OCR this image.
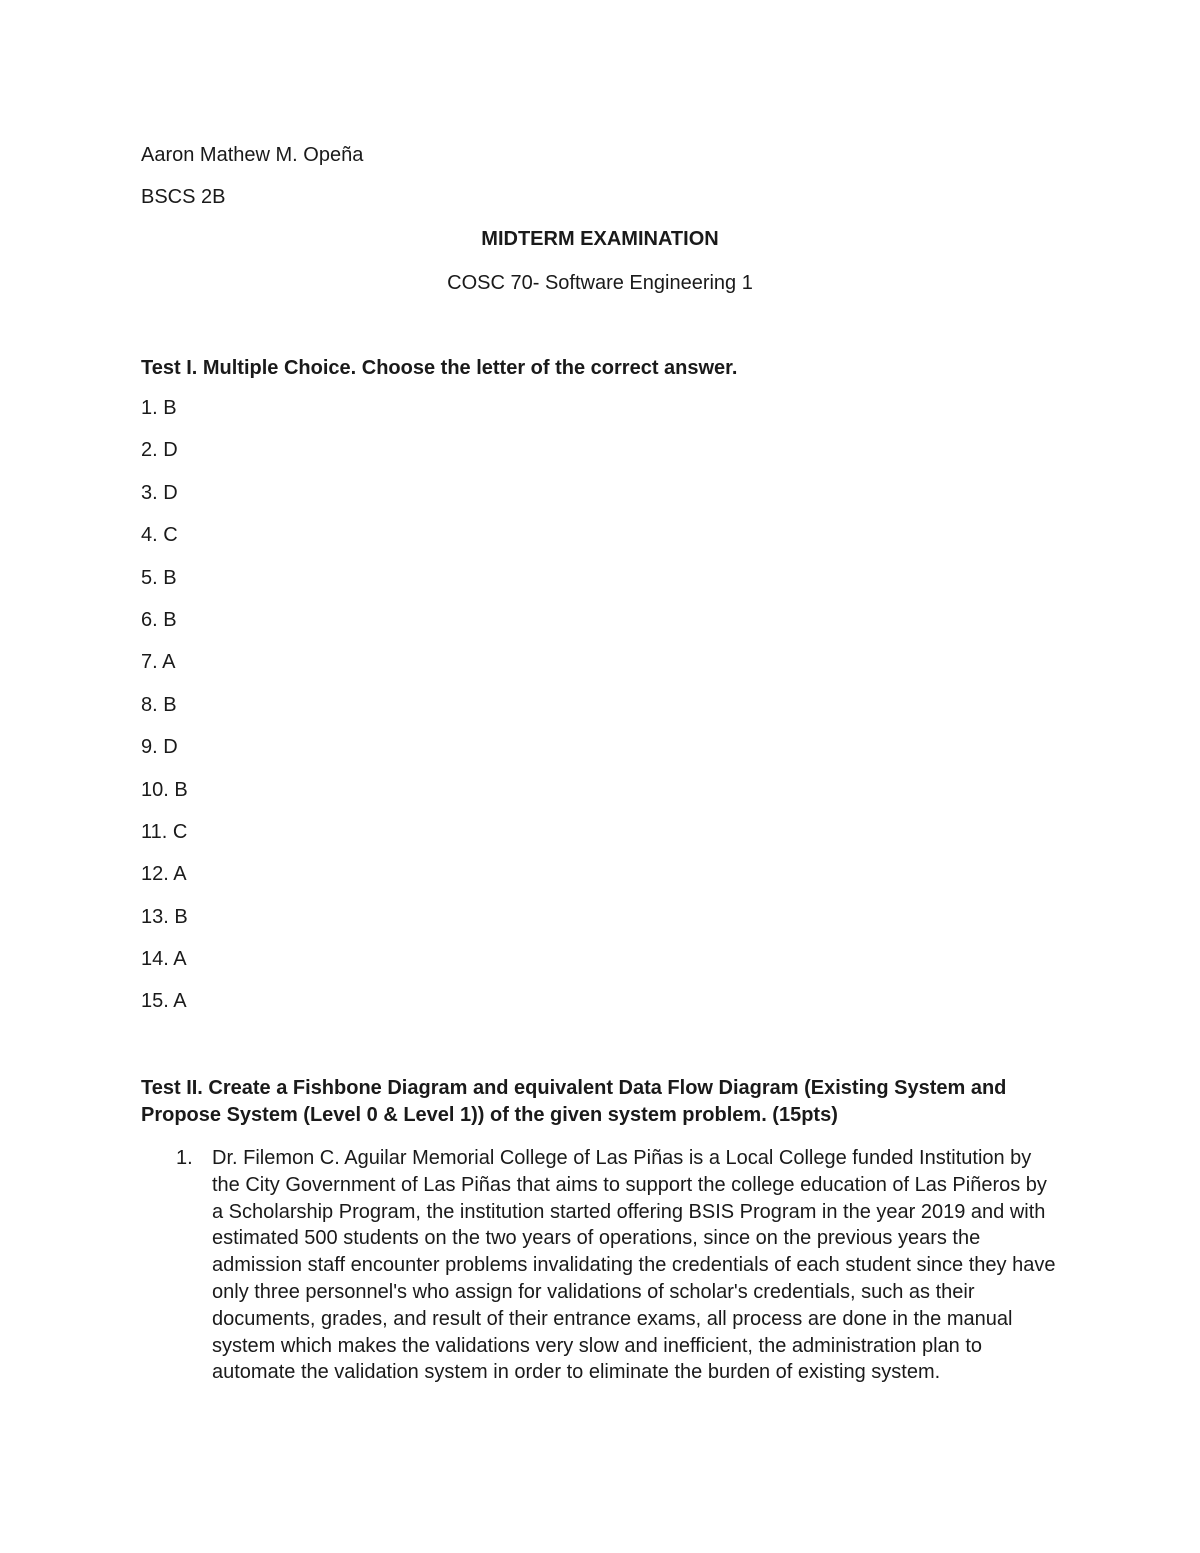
Aaron Mathew M. Opeña
BSCS 2B
MIDTERM EXAMINATION
COSC 70- Software Engineering 1
Test I. Multiple Choice. Choose the letter of the correct answer.
1. B
2. D
3. D
4. C
5. B
6. B
7. A
8. B
9. D
10. B
11. C
12. A
13. B
14. A
15. A
Test II. Create a Fishbone Diagram and equivalent Data Flow Diagram (Existing System and Propose System (Level 0 & Level 1)) of the given system problem. (15pts)
1. Dr. Filemon C. Aguilar Memorial College of Las Piñas is a Local College funded Institution by the City Government of Las Piñas that aims to support the college education of Las Piñeros by a Scholarship Program, the institution started offering BSIS Program in the year 2019 and with estimated 500 students on the two years of operations, since on the previous years the admission staff encounter problems invalidating the credentials of each student since they have only three personnel's who assign for validations of scholar's credentials, such as their documents, grades, and result of their entrance exams, all process are done in the manual system which makes the validations very slow and inefficient, the administration plan to automate the validation system in order to eliminate the burden of existing system.
